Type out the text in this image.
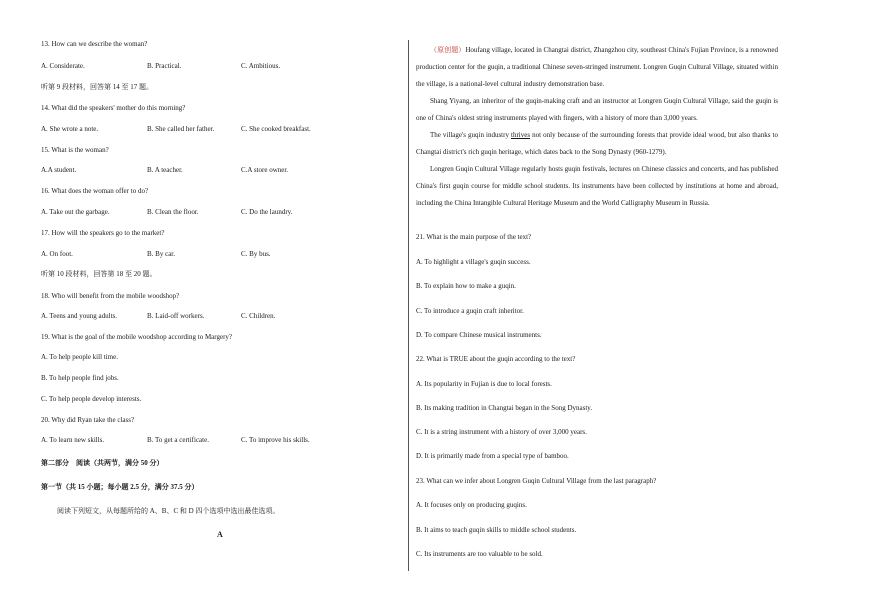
13. How can we describe the woman?
A. Considerate.	B. Practical.	C. Ambitious.
听第 9 段材料，回答第 14 至 17 题。
14. What did the speakers' mother do this morning?
A. She wrote a note.	B. She called her father.	C. She cooked breakfast.
15. What is the woman?
A.A student.	B. A teacher.	C.A store owner.
16. What does the woman offer to do?
A. Take out the garbage.	B. Clean the floor.	C. Do the laundry.
17. How will the speakers go to the market?
A. On foot.	B. By car.	C. By bus.
听第 10 段材料，回答第 18 至 20 题。
18. Who will benefit from the mobile woodshop?
A. Teens and young adults.	B. Laid-off workers.	C. Children.
19. What is the goal of the mobile woodshop according to Margery?
A. To help people kill time.
B. To help people find jobs.
C. To help people develop interests.
20. Why did Ryan take the class?
A. To learn new skills.	B. To get a certificate.	C. To improve his skills.
第二部分　阅读（共两节，满分 50 分）
第一节（共 15 小题；每小题 2.5 分，满分 37.5 分）
阅读下列短文，从每题所给的 A、B、C 和 D 四个选项中选出最佳选项。
A
（原创题）Houfang village, located in Changtai district, Zhangzhou city, southeast China's Fujian Province, is a renowned production center for the guqin, a traditional Chinese seven-stringed instrument. Longren Guqin Cultural Village, situated within the village, is a national-level cultural industry demonstration base.
Shang Yiyang, an inheritor of the guqin-making craft and an instructor at Longren Guqin Cultural Village, said the guqin is one of China's oldest string instruments played with fingers, with a history of more than 3,000 years.
The village's guqin industry thrives not only because of the surrounding forests that provide ideal wood, but also thanks to Changtai district's rich guqin heritage, which dates back to the Song Dynasty (960-1279).
Longren Guqin Cultural Village regularly hosts guqin festivals, lectures on Chinese classics and concerts, and has published China's first guqin course for middle school students. Its instruments have been collected by institutions at home and abroad, including the China Intangible Cultural Heritage Museum and the World Calligraphy Museum in Russia.
21. What is the main purpose of the text?
A. To highlight a village's guqin success.
B. To explain how to make a guqin.
C. To introduce a guqin craft inheritor.
D. To compare Chinese musical instruments.
22. What is TRUE about the guqin according to the text?
A. Its popularity in Fujian is due to local forests.
B. Its making tradition in Changtai began in the Song Dynasty.
C. It is a string instrument with a history of over 3,000 years.
D. It is primarily made from a special type of bamboo.
23. What can we infer about Longren Guqin Cultural Village from the last paragraph?
A. It focuses only on producing guqins.
B. It aims to teach guqin skills to middle school students.
C. Its instruments are too valuable to be sold.
